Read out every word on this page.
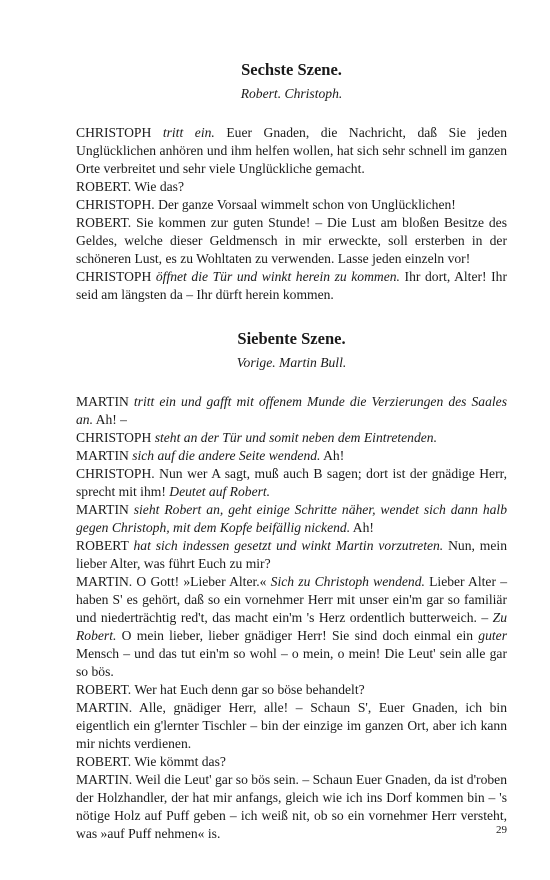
Sechste Szene.
Robert. Christoph.

CHRISTOPH tritt ein. Euer Gnaden, die Nachricht, daß Sie jeden Unglücklichen anhören und ihm helfen wollen, hat sich sehr schnell im ganzen Orte verbreitet und sehr viele Unglückliche gemacht.

ROBERT. Wie das?

CHRISTOPH. Der ganze Vorsaal wimmelt schon von Unglücklichen!

ROBERT. Sie kommen zur guten Stunde! – Die Lust am bloßen Besitze des Geldes, welche dieser Geldmensch in mir erweckte, soll ersterben in der schöneren Lust, es zu Wohltaten zu verwenden. Lasse jeden einzeln vor!

CHRISTOPH öffnet die Tür und winkt herein zu kommen. Ihr dort, Alter! Ihr seid am längsten da – Ihr dürft herein kommen.

Siebente Szene.
Vorige. Martin Bull.

MARTIN tritt ein und gafft mit offenem Munde die Verzierungen des Saales an. Ah! –

CHRISTOPH steht an der Tür und somit neben dem Eintretenden.

MARTIN sich auf die andere Seite wendend. Ah!

CHRISTOPH. Nun wer A sagt, muß auch B sagen; dort ist der gnädige Herr, sprecht mit ihm! Deutet auf Robert.

MARTIN sieht Robert an, geht einige Schritte näher, wendet sich dann halb gegen Christoph, mit dem Kopfe beifällig nickend. Ah!

ROBERT hat sich indessen gesetzt und winkt Martin vorzutreten. Nun, mein lieber Alter, was führt Euch zu mir?

MARTIN. O Gott! »Lieber Alter.« Sich zu Christoph wendend. Lieber Alter – haben S' es gehört, daß so ein vornehmer Herr mit unser ein'm gar so familiär und niederträchtig red't, das macht ein'm 's Herz ordentlich butterweich. – Zu Robert. O mein lieber, lieber gnädiger Herr! Sie sind doch einmal ein guter Mensch – und das tut ein'm so wohl – o mein, o mein! Die Leut' sein alle gar so bös.

ROBERT. Wer hat Euch denn gar so böse behandelt?

MARTIN. Alle, gnädiger Herr, alle! – Schaun S', Euer Gnaden, ich bin eigentlich ein g'lernter Tischler – bin der einzige im ganzen Ort, aber ich kann mir nichts verdienen.

ROBERT. Wie kömmt das?

MARTIN. Weil die Leut' gar so bös sein. – Schaun Euer Gnaden, da ist d'roben der Holzhandler, der hat mir anfangs, gleich wie ich ins Dorf kommen bin – 's nötige Holz auf Puff geben – ich weiß nit, ob so ein vornehmer Herr versteht, was »auf Puff nehmen« is.	29
